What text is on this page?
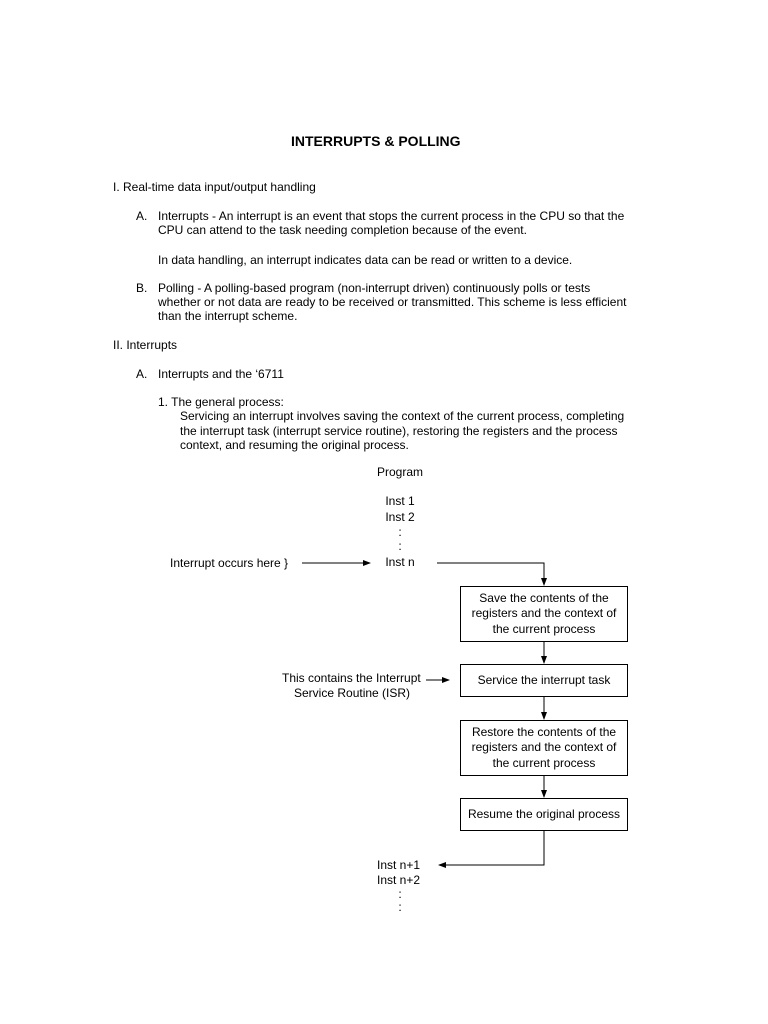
INTERRUPTS & POLLING
I. Real-time data input/output handling
A. Interrupts - An interrupt is an event that stops the current process in the CPU so that the
CPU can attend to the task needing completion because of the event.
In data handling, an interrupt indicates data can be read or written to a device.
B. Polling - A polling-based program (non-interrupt driven) continuously polls or tests
whether or not data are ready to be received or transmitted. This scheme is less efficient
than the interrupt scheme.
II. Interrupts
A. Interrupts and the ‘6711
1. The general process:
Servicing an interrupt involves saving the context of the current process, completing
the interrupt task (interrupt service routine), restoring the registers and the process
context, and resuming the original process.
Program
Inst 1
Inst 2
:
:
Inst n
Interrupt occurs here }
This contains the Interrupt
Service Routine (ISR)
Save the contents of the registers and the context of the current process
Service the interrupt task
Restore the contents of the registers and the context of the current process
Resume the original process
Inst n+1
Inst n+2
:
:
